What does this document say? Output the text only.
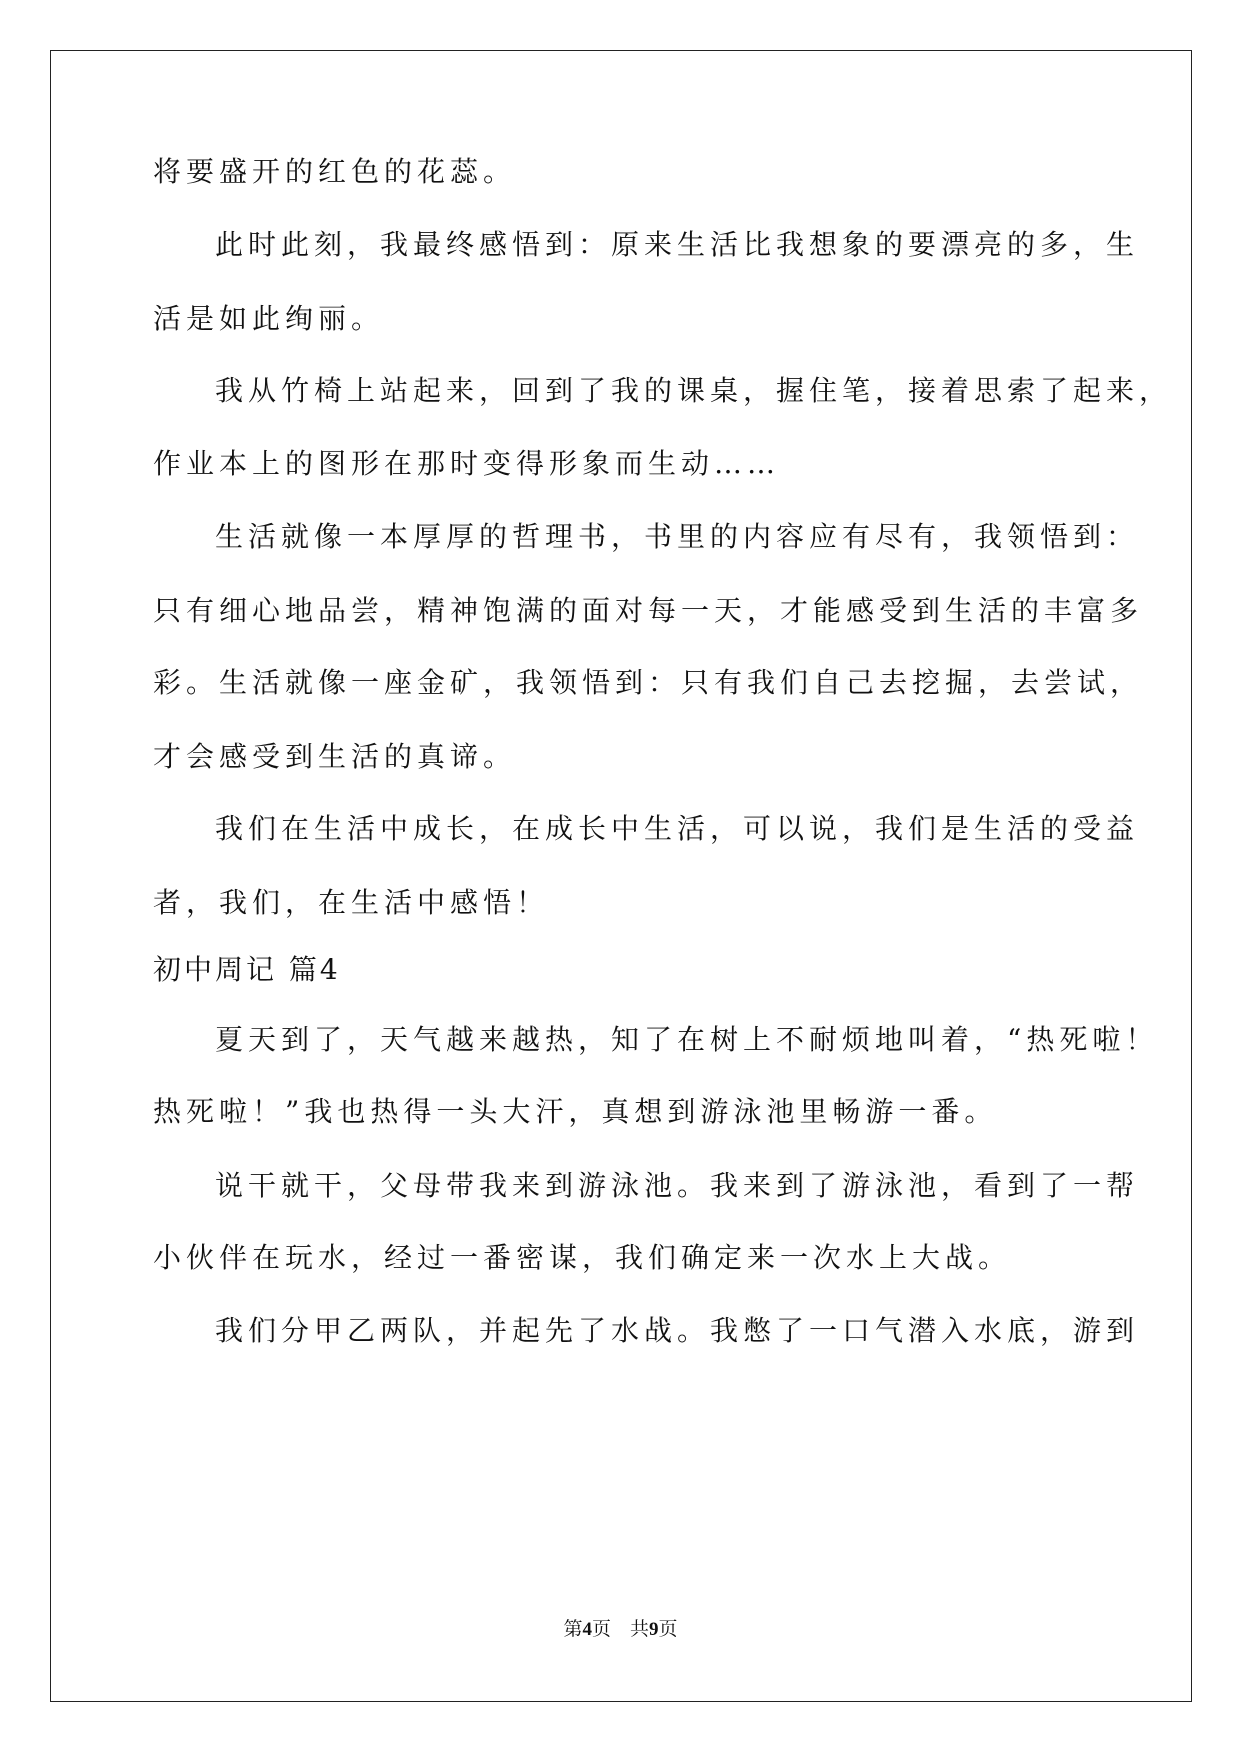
将要盛开的红色的花蕊。
此时此刻，我最终感悟到：原来生活比我想象的要漂亮的多，生
活是如此绚丽。
我从竹椅上站起来，回到了我的课桌，握住笔，接着思索了起来，
作业本上的图形在那时变得形象而生动……
生活就像一本厚厚的哲理书，书里的内容应有尽有，我领悟到：
只有细心地品尝，精神饱满的面对每一天，才能感受到生活的丰富多
彩。生活就像一座金矿，我领悟到：只有我们自己去挖掘，去尝试，
才会感受到生活的真谛。
我们在生活中成长，在成长中生活，可以说，我们是生活的受益
者，我们，在生活中感悟！
初中周记 篇4
夏天到了，天气越来越热，知了在树上不耐烦地叫着，“热死啦！
热死啦！”我也热得一头大汗，真想到游泳池里畅游一番。
说干就干，父母带我来到游泳池。我来到了游泳池，看到了一帮
小伙伴在玩水，经过一番密谋，我们确定来一次水上大战。
我们分甲乙两队，并起先了水战。我憋了一口气潜入水底，游到
第4页　共9页
